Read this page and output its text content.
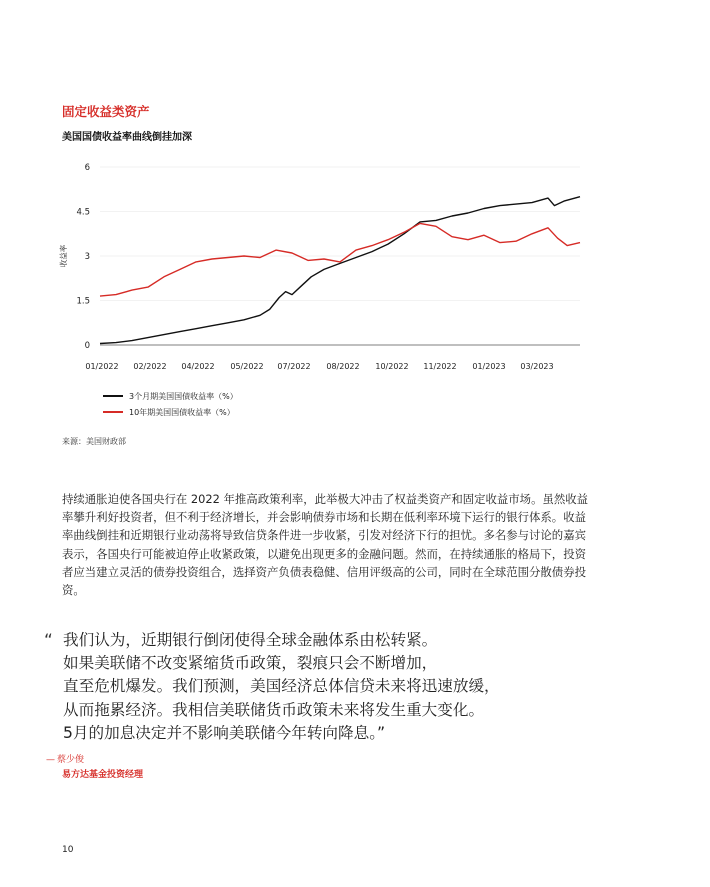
固定收益类资产
美国国债收益率曲线倒挂加深
6
4.5
3
1.5
0
01/2022 02/2022 04/2022 05/2022 07/2022 08/2022 10/2022 11/2022 01/2023 03/2023
收益率
3个月期美国国债收益率（%）
10年期美国国债收益率（%）
来源：美国财政部

持续通胀迫使各国央行在 2022 年推高政策利率，此举极大冲击了权益类资产和固定收益市场。虽然收益率攀升利好投资者，但不利于经济增长，并会影响债券市场和长期在低利率环境下运行的银行体系。收益率曲线倒挂和近期银行业动荡将导致信贷条件进一步收紧，引发对经济下行的担忧。多名参与讨论的嘉宾表示，各国央行可能被迫停止收紧政策，以避免出现更多的金融问题。然而，在持续通胀的格局下，投资者应当建立灵活的债券投资组合，选择资产负债表稳健、信用评级高的公司，同时在全球范围分散债券投资。

“ 我们认为，近期银行倒闭使得全球金融体系由松转紧。
如果美联储不改变紧缩货币政策，裂痕只会不断增加，
直至危机爆发。我们预测，美国经济总体信贷未来将迅速放缓，
从而拖累经济。我相信美联储货币政策未来将发生重大变化。
5月的加息决定并不影响美联储今年转向降息。”
— 蔡少俊
易方达基金投资经理
10
